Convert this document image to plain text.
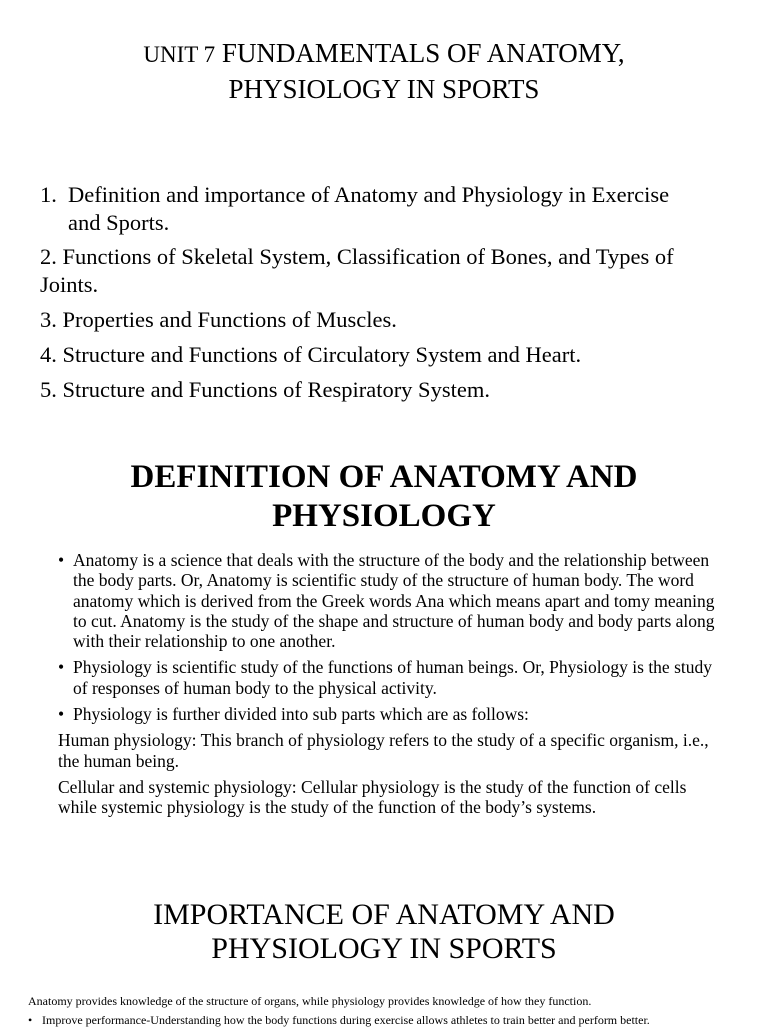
UNIT 7 FUNDAMENTALS OF ANATOMY,
PHYSIOLOGY IN SPORTS
1. Definition and importance of Anatomy and Physiology in Exercise and Sports.
2. Functions of Skeletal System, Classification of Bones, and Types of Joints.
3. Properties and Functions of Muscles.
4. Structure and Functions of Circulatory System and Heart.
5. Structure and Functions of Respiratory System.
DEFINITION OF ANATOMY AND
PHYSIOLOGY
• Anatomy is a science that deals with the structure of the body and the relationship between the body parts. Or, Anatomy is scientific study of the structure of human body. The word anatomy which is derived from the Greek words Ana which means apart and tomy meaning to cut. Anatomy is the study of the shape and structure of human body and body parts along with their relationship to one another.
• Physiology is scientific study of the functions of human beings. Or, Physiology is the study of responses of human body to the physical activity.
• Physiology is further divided into sub parts which are as follows:
Human physiology: This branch of physiology refers to the study of a specific organism, i.e., the human being.
Cellular and systemic physiology: Cellular physiology is the study of the function of cells while systemic physiology is the study of the function of the body’s systems.
IMPORTANCE OF ANATOMY AND
PHYSIOLOGY IN SPORTS
Anatomy provides knowledge of the structure of organs, while physiology provides knowledge of how they function.
• Improve performance-Understanding how the body functions during exercise allows athletes to train better and perform better.
